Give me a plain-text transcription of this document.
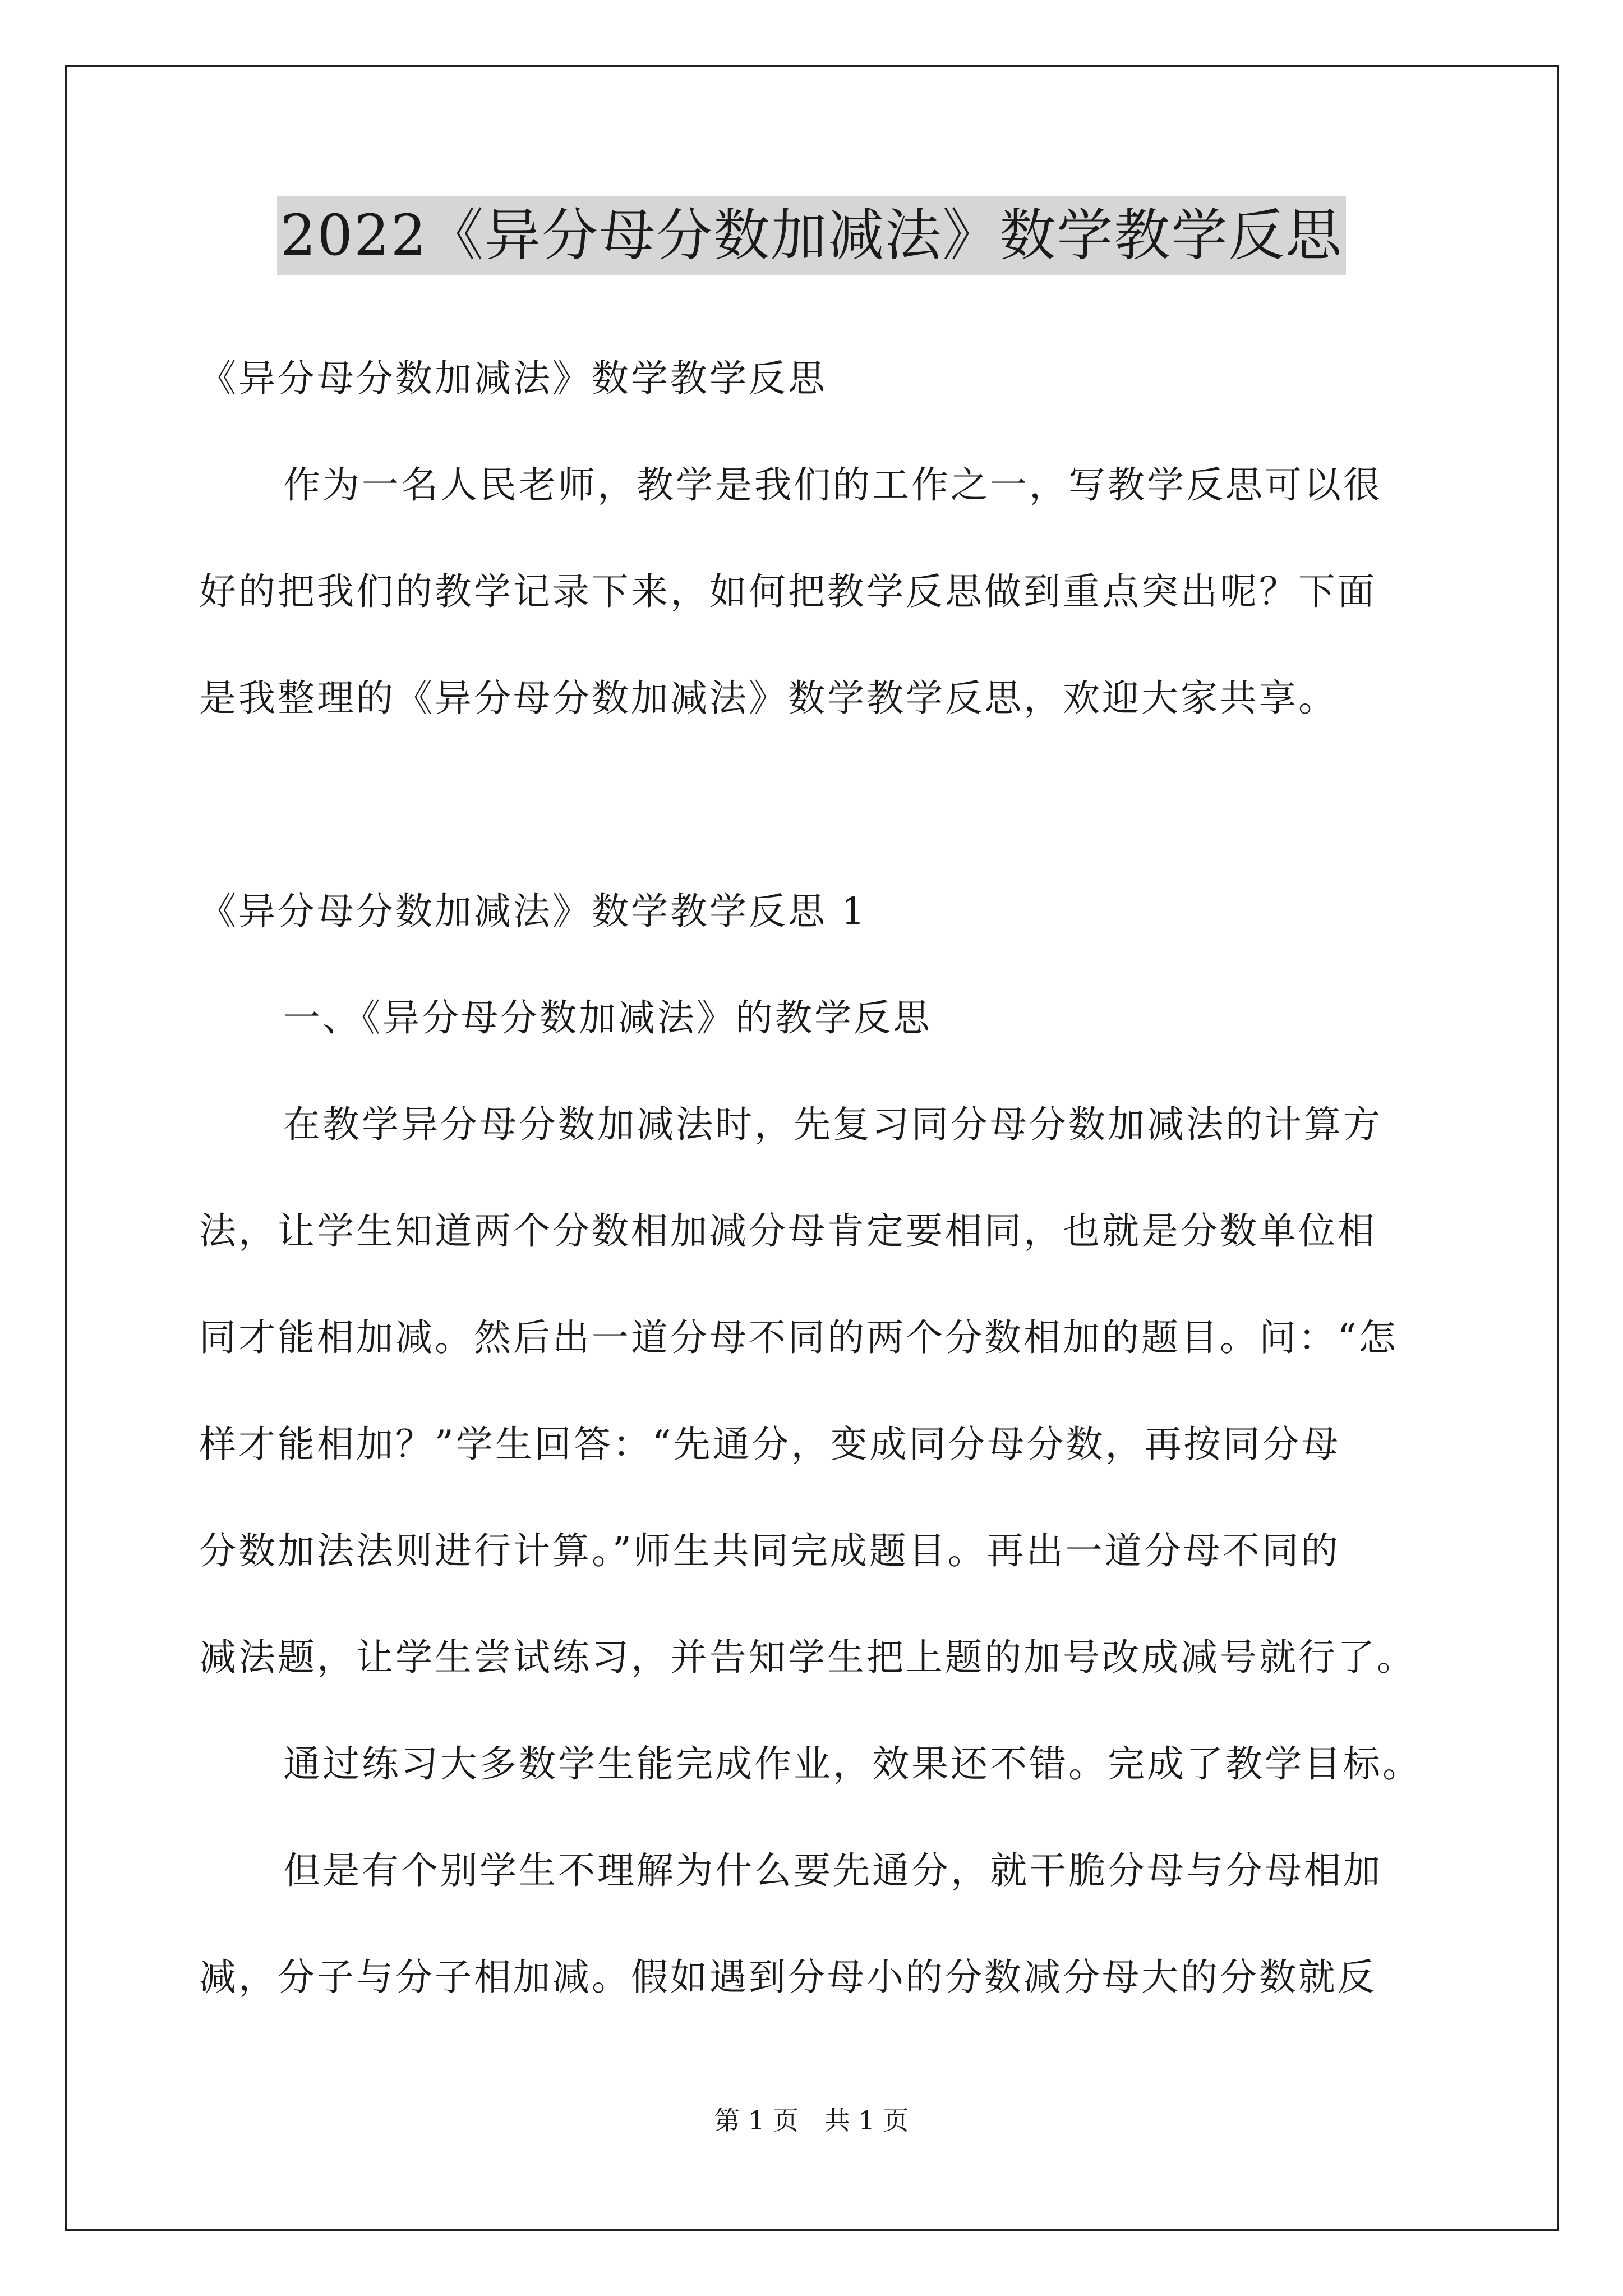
2022《异分母分数加减法》数学教学反思
《异分母分数加减法》数学教学反思
作为一名人民老师，教学是我们的工作之一，写教学反思可以很
好的把我们的教学记录下来，如何把教学反思做到重点突出呢？下面
是我整理的《异分母分数加减法》数学教学反思，欢迎大家共享。
《异分母分数加减法》数学教学反思 1
一、《异分母分数加减法》的教学反思
在教学异分母分数加减法时，先复习同分母分数加减法的计算方
法，让学生知道两个分数相加减分母肯定要相同，也就是分数单位相
同才能相加减。然后出一道分母不同的两个分数相加的题目。问：“怎
样才能相加？”学生回答：“先通分，变成同分母分数，再按同分母
分数加法法则进行计算。”师生共同完成题目。再出一道分母不同的
减法题，让学生尝试练习，并告知学生把上题的加号改成减号就行了。
通过练习大多数学生能完成作业，效果还不错。完成了教学目标。
但是有个别学生不理解为什么要先通分，就干脆分母与分母相加
减，分子与分子相加减。假如遇到分母小的分数减分母大的分数就反
第 1 页　共 1 页
